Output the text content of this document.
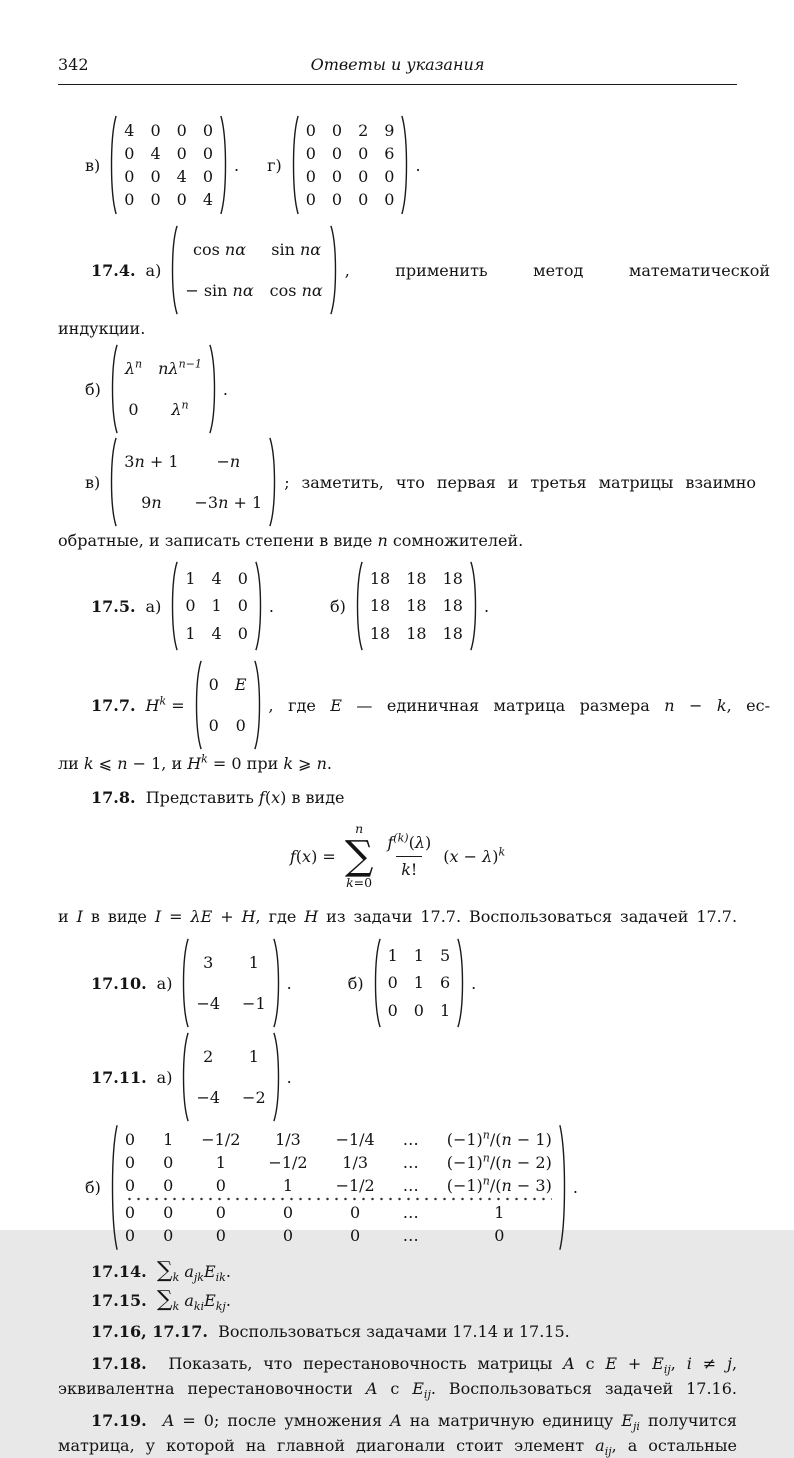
342	Ответы и указания
в)
4 0 0 0
0 4 0 0
0 0 4 0
0 0 0 4
. г)
0 0 2 9
0 0 0 6
0 0 0 0
0 0 0 0
.
17.4. а)
cos nα sin nα
− sin nα cos nα
, применить метод математической

индукции.

б)
$\lambda^n$ $n\lambda^{n-1}$
0 $\lambda^n$
.
в)
3n + 1 −n
9n −3n + 1
; заметить, что первая и третья матрицы взаимно

обратные, и записать степени в виде n сомножителей.

17.5. а)
1 4 0
0 1 0
1 4 0
.	б)
18 18 18
18 18 18
18 18 18
.
17.7. $H^k$ =
0 E
0 0
, где E — единичная матрица размера n − k, ес-

ли k ⩽ n − 1, и $H^k = 0$ при k ⩾ n.

17.8. Представить f(x) в виде

f(x) =
n
∑
k=0
$\frac{f^{(k)}(\lambda)}{k!} (x - \lambda)^k$

и I в виде I = λE + H, где H из задачи 17.7. Воспользоваться задачей 17.7.

17.10. а)
3 1
−4 −1
.	б)
1 1 5
0 1 6
0 0 1
.
17.11. а)
2 1
−4 −2
.
б)
0 1 −1/2 1/3 −1/4 … $(-1)^n/(n - 1)$
0 0	1	−1/2 1/3 … $(-1)^n/(n - 2)$
0 0	0	1	−1/2 … $(-1)^n/(n - 3)$
0 0	0	0	0	…	1
0 0	0	0	0	…	0
.

17.14. $\sum_k$ $a_{jk}E_{ik}$.

17.15. $\sum_k$ $a_{ki}E_{kj}$.

17.16, 17.17. Воспользоваться задачами 17.14 и 17.15.

17.18. Показать, что перестановочность матрицы A с $E + E_{ij}$, i ≠ j,

эквивалентна перестановочности A с $E_{ij}$. Воспользоваться задачей 17.16.

17.19. A = 0; после умножения A на матричную единицу $E_{ji}$ получится

матрица, у которой на главной диагонали стоит элемент $a_{ij}$, а остальные
